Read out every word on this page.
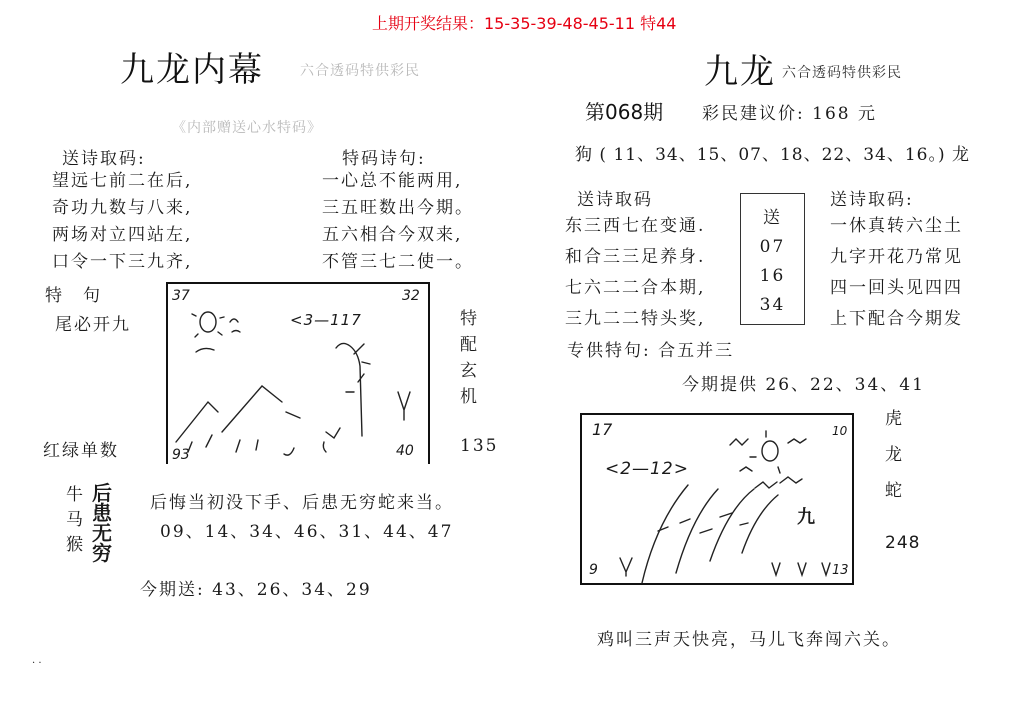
上期开奖结果：15-35-39-48-45-11 特44
九龙内幕	六合透码特供彩民
《内部赠送心水特码》
送诗取码:
望远七前二在后,
奇功九数与八来,
两场对立四站左,
口令一下三九齐,
特码诗句:
一心总不能两用,
三五旺数出今期。
五六相合今双来,
不管三七二使一。
特　句
尾必开九
红绿单数
37	32
93	40
<3—117	特
配
玄
机
135
牛
马
猴
后
患
无
穷
后悔当初没下手、后患无穷蛇来当。
09、14、34、46、31、44、47
今期送: 43、26、34、29
. .
九龙 六合透码特供彩民
第068期 彩民建议价: 168 元
狗 ( 11、34、15、07、18、22、34、16。) 龙
送诗取码
东三西七在变通.
和合三三足养身.
七六二二合本期,
三九二二特头奖,
送
07
16
34
送诗取码:
一休真转六尘土
九字开花乃常见
四一回头见四四
上下配合今期发
专供特句: 合五并三
今期提供 26、22、34、41
17	10
9	13
<2—12>
九
虎
龙
蛇
248
鸡叫三声天快亮，马儿飞奔闯六关。
